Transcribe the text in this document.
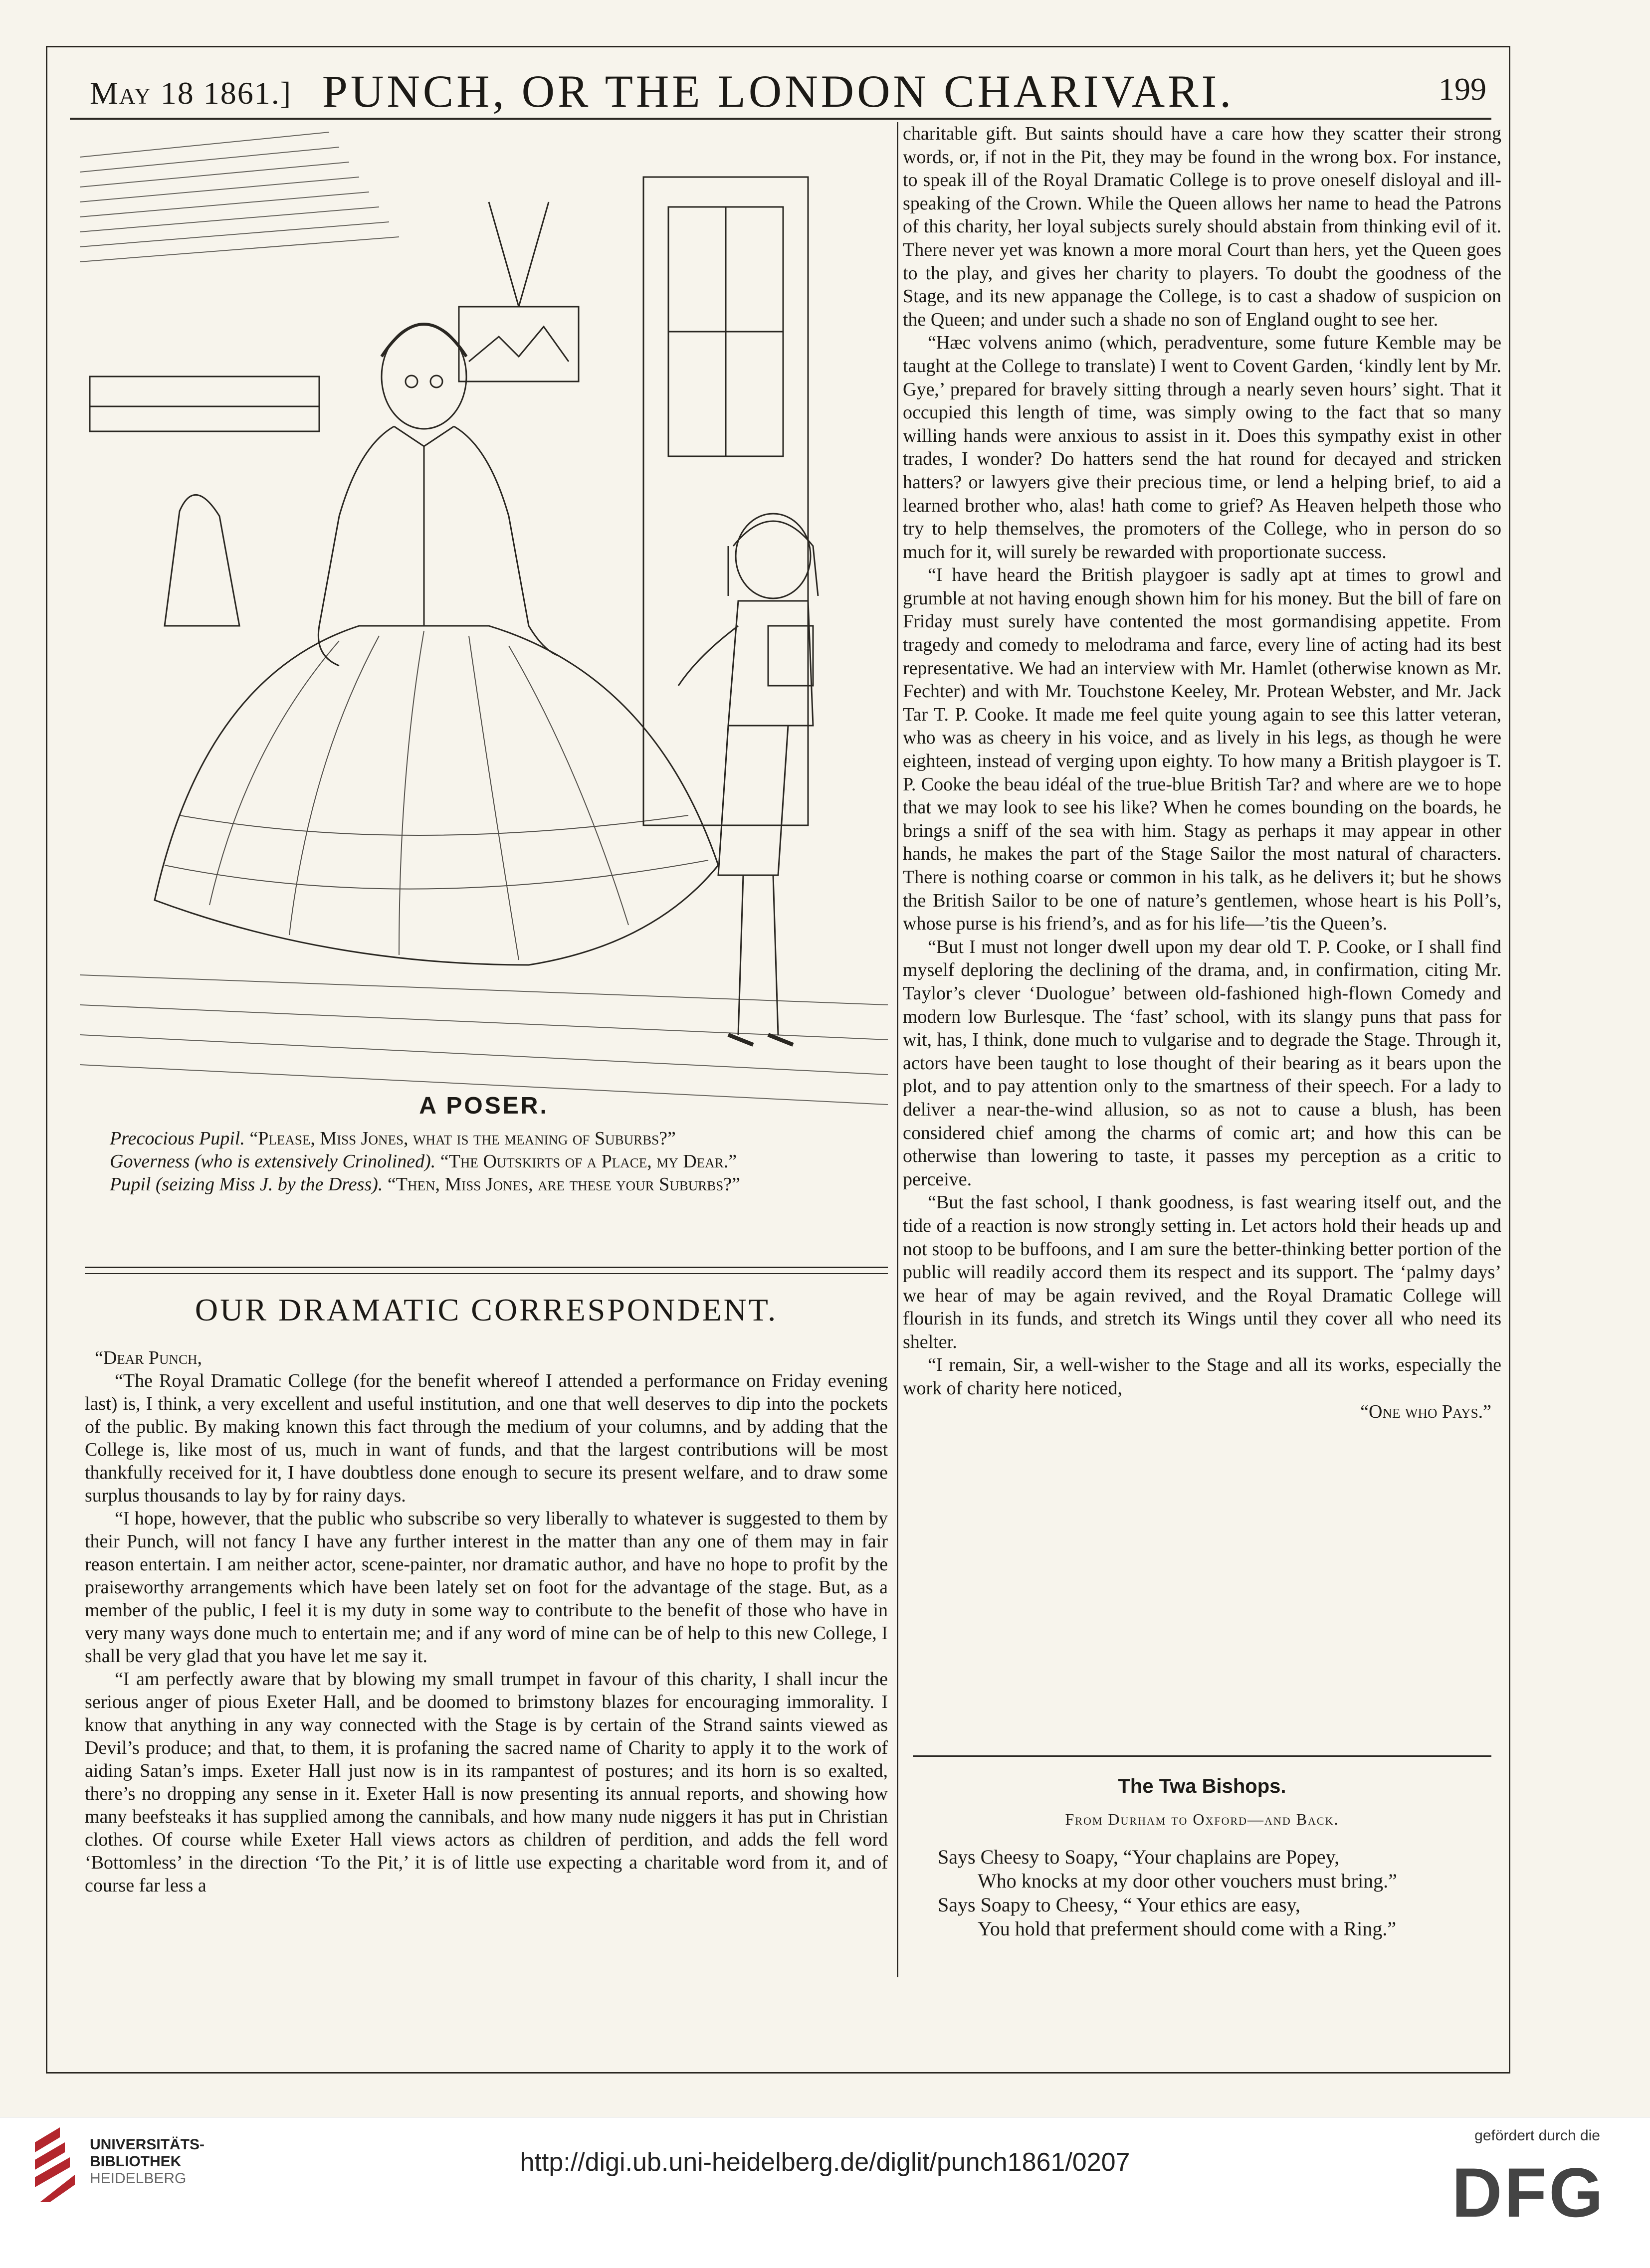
May 18 1861.] PUNCH, OR THE LONDON CHARIVARI.	199
A POSER.

Precocious Pupil. “Please, Miss Jones, what is the meaning of Suburbs?”

Governess (who is extensively Crinolined). “The Outskirts of a Place, my Dear.”

Pupil (seizing Miss J. by the Dress). “Then, Miss Jones, are these your Suburbs?”

OUR DRAMATIC CORRESPONDENT.

“Dear Punch,

“The Royal Dramatic College (for the benefit whereof I attended a performance on Friday evening last) is, I think, a very excellent and useful institution, and one that well deserves to dip into the pockets of the public. By making known this fact through the medium of your columns, and by adding that the College is, like most of us, much in want of funds, and that the largest contributions will be most thankfully received for it, I have doubtless done enough to secure its present welfare, and to draw some surplus thousands to lay by for rainy days.

“I hope, however, that the public who subscribe so very liberally to whatever is suggested to them by their Punch, will not fancy I have any further interest in the matter than any one of them may in fair reason entertain. I am neither actor, scene-painter, nor dramatic author, and have no hope to profit by the praiseworthy arrangements which have been lately set on foot for the advantage of the stage. But, as a member of the public, I feel it is my duty in some way to contribute to the benefit of those who have in very many ways done much to entertain me; and if any word of mine can be of help to this new College, I shall be very glad that you have let me say it.

“I am perfectly aware that by blowing my small trumpet in favour of this charity, I shall incur the serious anger of pious Exeter Hall, and be doomed to brimstony blazes for encouraging immorality. I know that anything in any way connected with the Stage is by certain of the Strand saints viewed as Devil’s produce; and that, to them, it is profaning the sacred name of Charity to apply it to the work of aiding Satan’s imps. Exeter Hall just now is in its rampantest of postures; and its horn is so exalted, there’s no dropping any sense in it. Exeter Hall is now presenting its annual reports, and showing how many beefsteaks it has supplied among the cannibals, and how many nude niggers it has put in Christian clothes. Of course while Exeter Hall views actors as children of perdition, and adds the fell word ‘Bottomless’ in the direction ‘To the Pit,’ it is of little use expecting a charitable word from it, and of course far less a

charitable gift. But saints should have a care how they scatter their strong words, or, if not in the Pit, they may be found in the wrong box. For instance, to speak ill of the Royal Dramatic College is to prove oneself disloyal and ill-speaking of the Crown. While the Queen allows her name to head the Patrons of this charity, her loyal subjects surely should abstain from thinking evil of it. There never yet was known a more moral Court than hers, yet the Queen goes to the play, and gives her charity to players. To doubt the goodness of the Stage, and its new appanage the College, is to cast a shadow of suspicion on the Queen; and under such a shade no son of England ought to see her.

“Hæc volvens animo (which, peradventure, some future Kemble may be taught at the College to translate) I went to Covent Garden, ‘kindly lent by Mr. Gye,’ prepared for bravely sitting through a nearly seven hours’ sight. That it occupied this length of time, was simply owing to the fact that so many willing hands were anxious to assist in it. Does this sympathy exist in other trades, I wonder? Do hatters send the hat round for decayed and stricken hatters? or lawyers give their precious time, or lend a helping brief, to aid a learned brother who, alas! hath come to grief? As Heaven helpeth those who try to help themselves, the promoters of the College, who in person do so much for it, will surely be rewarded with proportionate success.

“I have heard the British playgoer is sadly apt at times to growl and grumble at not having enough shown him for his money. But the bill of fare on Friday must surely have contented the most gormandising appetite. From tragedy and comedy to melodrama and farce, every line of acting had its best representative. We had an interview with Mr. Hamlet (otherwise known as Mr. Fechter) and with Mr. Touchstone Keeley, Mr. Protean Webster, and Mr. Jack Tar T. P. Cooke. It made me feel quite young again to see this latter veteran, who was as cheery in his voice, and as lively in his legs, as though he were eighteen, instead of verging upon eighty. To how many a British playgoer is T. P. Cooke the beau idéal of the true-blue British Tar? and where are we to hope that we may look to see his like? When he comes bounding on the boards, he brings a sniff of the sea with him. Stagy as perhaps it may appear in other hands, he makes the part of the Stage Sailor the most natural of characters. There is nothing coarse or common in his talk, as he delivers it; but he shows the British Sailor to be one of nature’s gentlemen, whose heart is his Poll’s, whose purse is his friend’s, and as for his life—’tis the Queen’s.

“But I must not longer dwell upon my dear old T. P. Cooke, or I shall find myself deploring the declining of the drama, and, in confirmation, citing Mr. Taylor’s clever ‘Duologue’ between old-fashioned high-flown Comedy and modern low Burlesque. The ‘fast’ school, with its slangy puns that pass for wit, has, I think, done much to vulgarise and to degrade the Stage. Through it, actors have been taught to lose thought of their bearing as it bears upon the plot, and to pay attention only to the smartness of their speech. For a lady to deliver a near-the-wind allusion, so as not to cause a blush, has been considered chief among the charms of comic art; and how this can be otherwise than lowering to taste, it passes my perception as a critic to perceive.

“But the fast school, I thank goodness, is fast wearing itself out, and the tide of a reaction is now strongly setting in. Let actors hold their heads up and not stoop to be buffoons, and I am sure the better-thinking better portion of the public will readily accord them its respect and its support. The ‘palmy days’ we hear of may be again revived, and the Royal Dramatic College will flourish in its funds, and stretch its Wings until they cover all who need its shelter.

“I remain, Sir, a well-wisher to the Stage and all its works, especially the work of charity here noticed,

“One who Pays.”

The Twa Bishops.
From Durham to Oxford—and Back.
Says Cheesy to Soapy, “Your chaplains are Popey,
Who knocks at my door other vouchers must bring.”
Says Soapy to Cheesy, “ Your ethics are easy,
You hold that preferment should come with a Ring.”
UNIVERSITÄTS-
BIBLIOTHEK
HEIDELBERG
http://digi.ub.uni-heidelberg.de/diglit/punch1861/0207
gefördert durch die
DFG
